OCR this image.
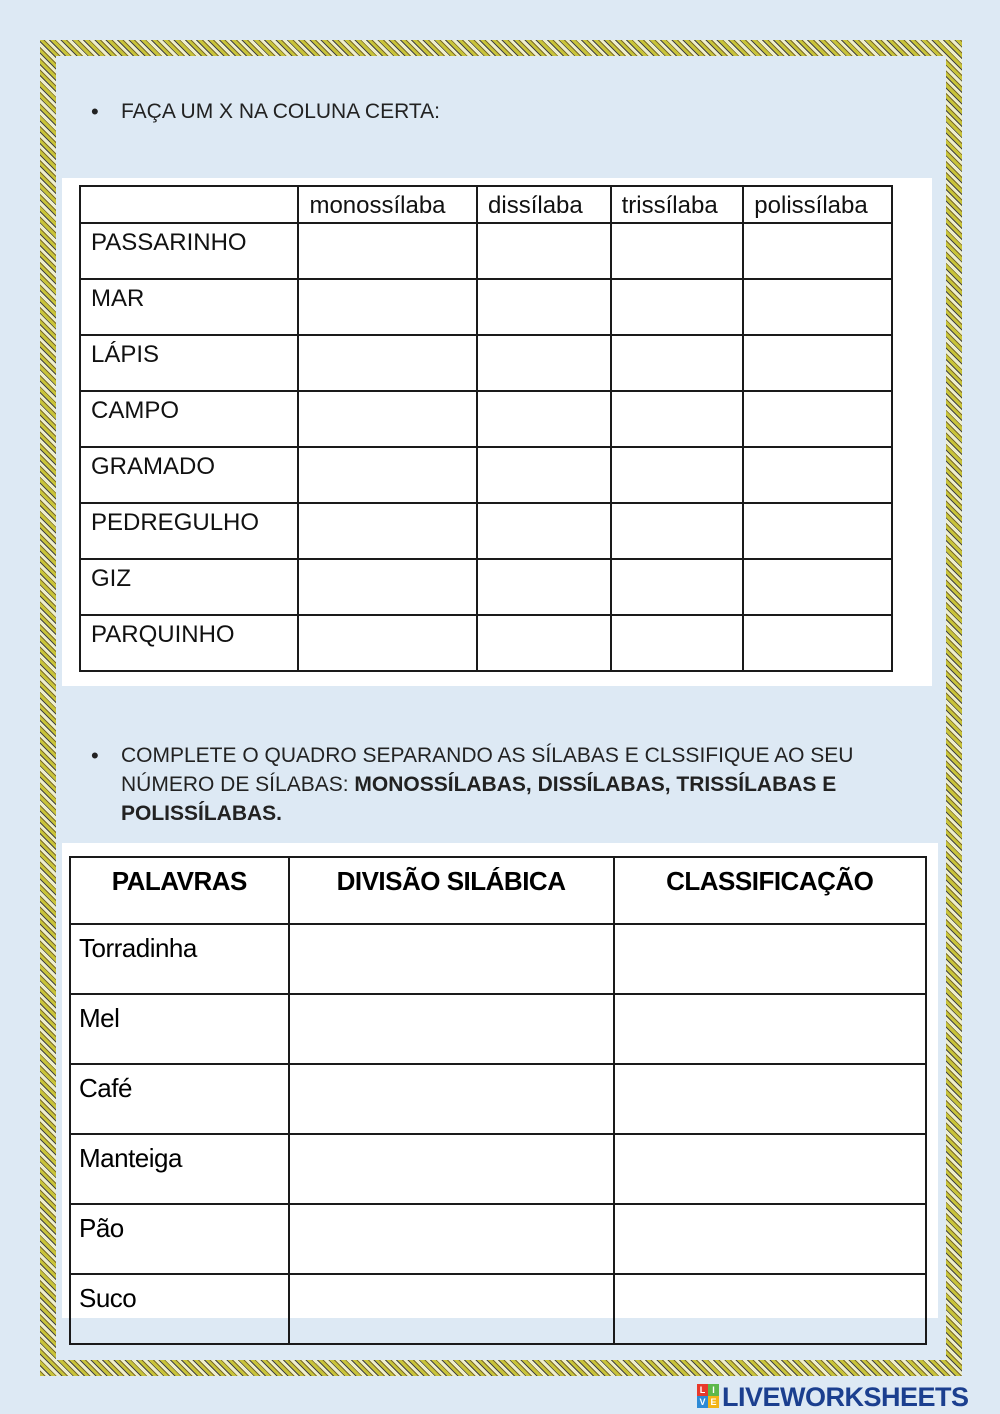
• FAÇA UM X NA COLUNA CERTA:
	monossílaba	dissílaba	trissílaba	polissílaba
PASSARINHO				
MAR				
LÁPIS				
CAMPO				
GRAMADO				
PEDREGULHO				
GIZ				
PARQUINHO				
• COMPLETE O QUADRO SEPARANDO AS SÍLABAS E CLSSIFIQUE AO SEU NÚMERO DE SÍLABAS: MONOSSÍLABAS, DISSÍLABAS, TRISSÍLABAS E POLISSÍLABAS.
PALAVRAS	DIVISÃO SILÁBICA	CLASSIFICAÇÃO
Torradinha		
Mel		
Café		
Manteiga		
Pão		
Suco		
L I
V E LIVEWORKSHEETS
